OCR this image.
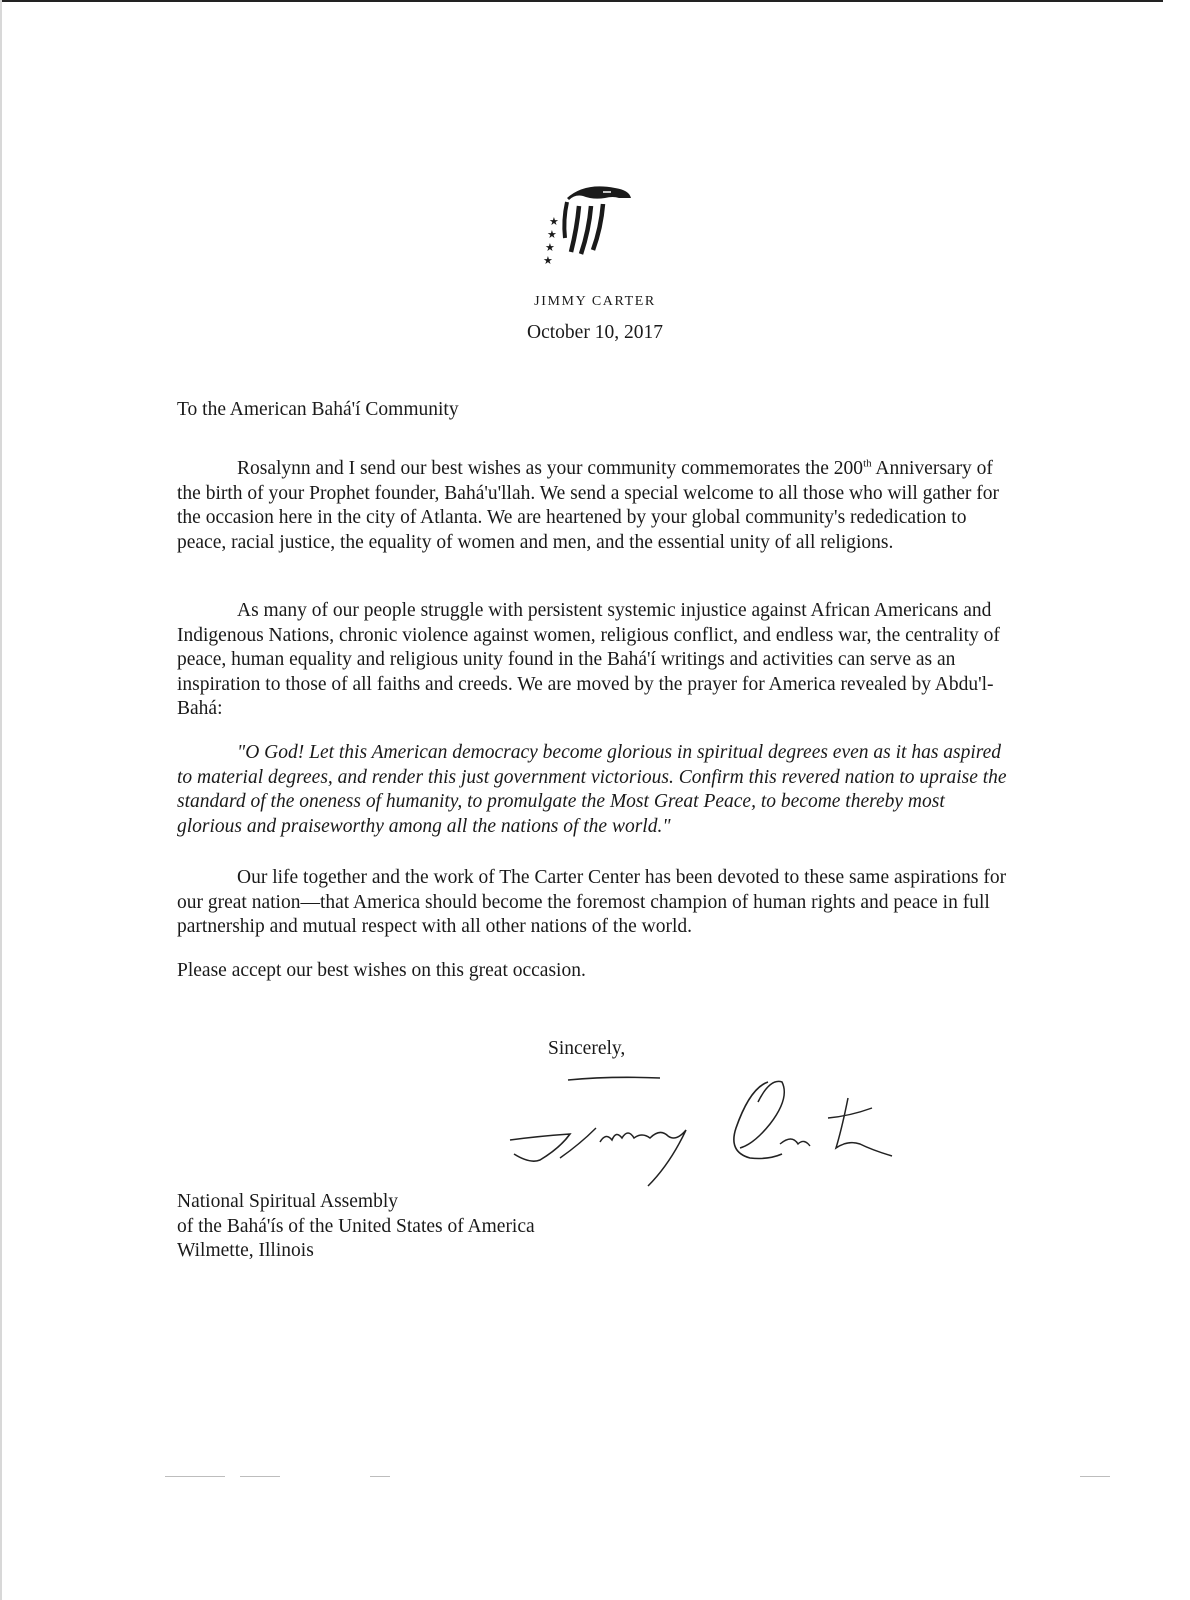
★
★
★
★
JIMMY CARTER
October 10, 2017
To the American Bahá'í Community
Rosalynn and I send our best wishes as your community commemorates the 200th Anniversary of the birth of your Prophet founder, Bahá'u'llah. We send a special welcome to all those who will gather for the occasion here in the city of Atlanta. We are heartened by your global community's rededication to peace, racial justice, the equality of women and men, and the essential unity of all religions.
As many of our people struggle with persistent systemic injustice against African Americans and Indigenous Nations, chronic violence against women, religious conflict, and endless war, the centrality of peace, human equality and religious unity found in the Bahá'í writings and activities can serve as an inspiration to those of all faiths and creeds. We are moved by the prayer for America revealed by Abdu'l-Bahá:
"O God! Let this American democracy become glorious in spiritual degrees even as it has aspired to material degrees, and render this just government victorious. Confirm this revered nation to upraise the standard of the oneness of humanity, to promulgate the Most Great Peace, to become thereby most glorious and praiseworthy among all the nations of the world."
Our life together and the work of The Carter Center has been devoted to these same aspirations for our great nation—that America should become the foremost champion of human rights and peace in full partnership and mutual respect with all other nations of the world.
Please accept our best wishes on this great occasion.
Sincerely,
National Spiritual Assembly
of the Bahá'ís of the United States of America
Wilmette, Illinois
